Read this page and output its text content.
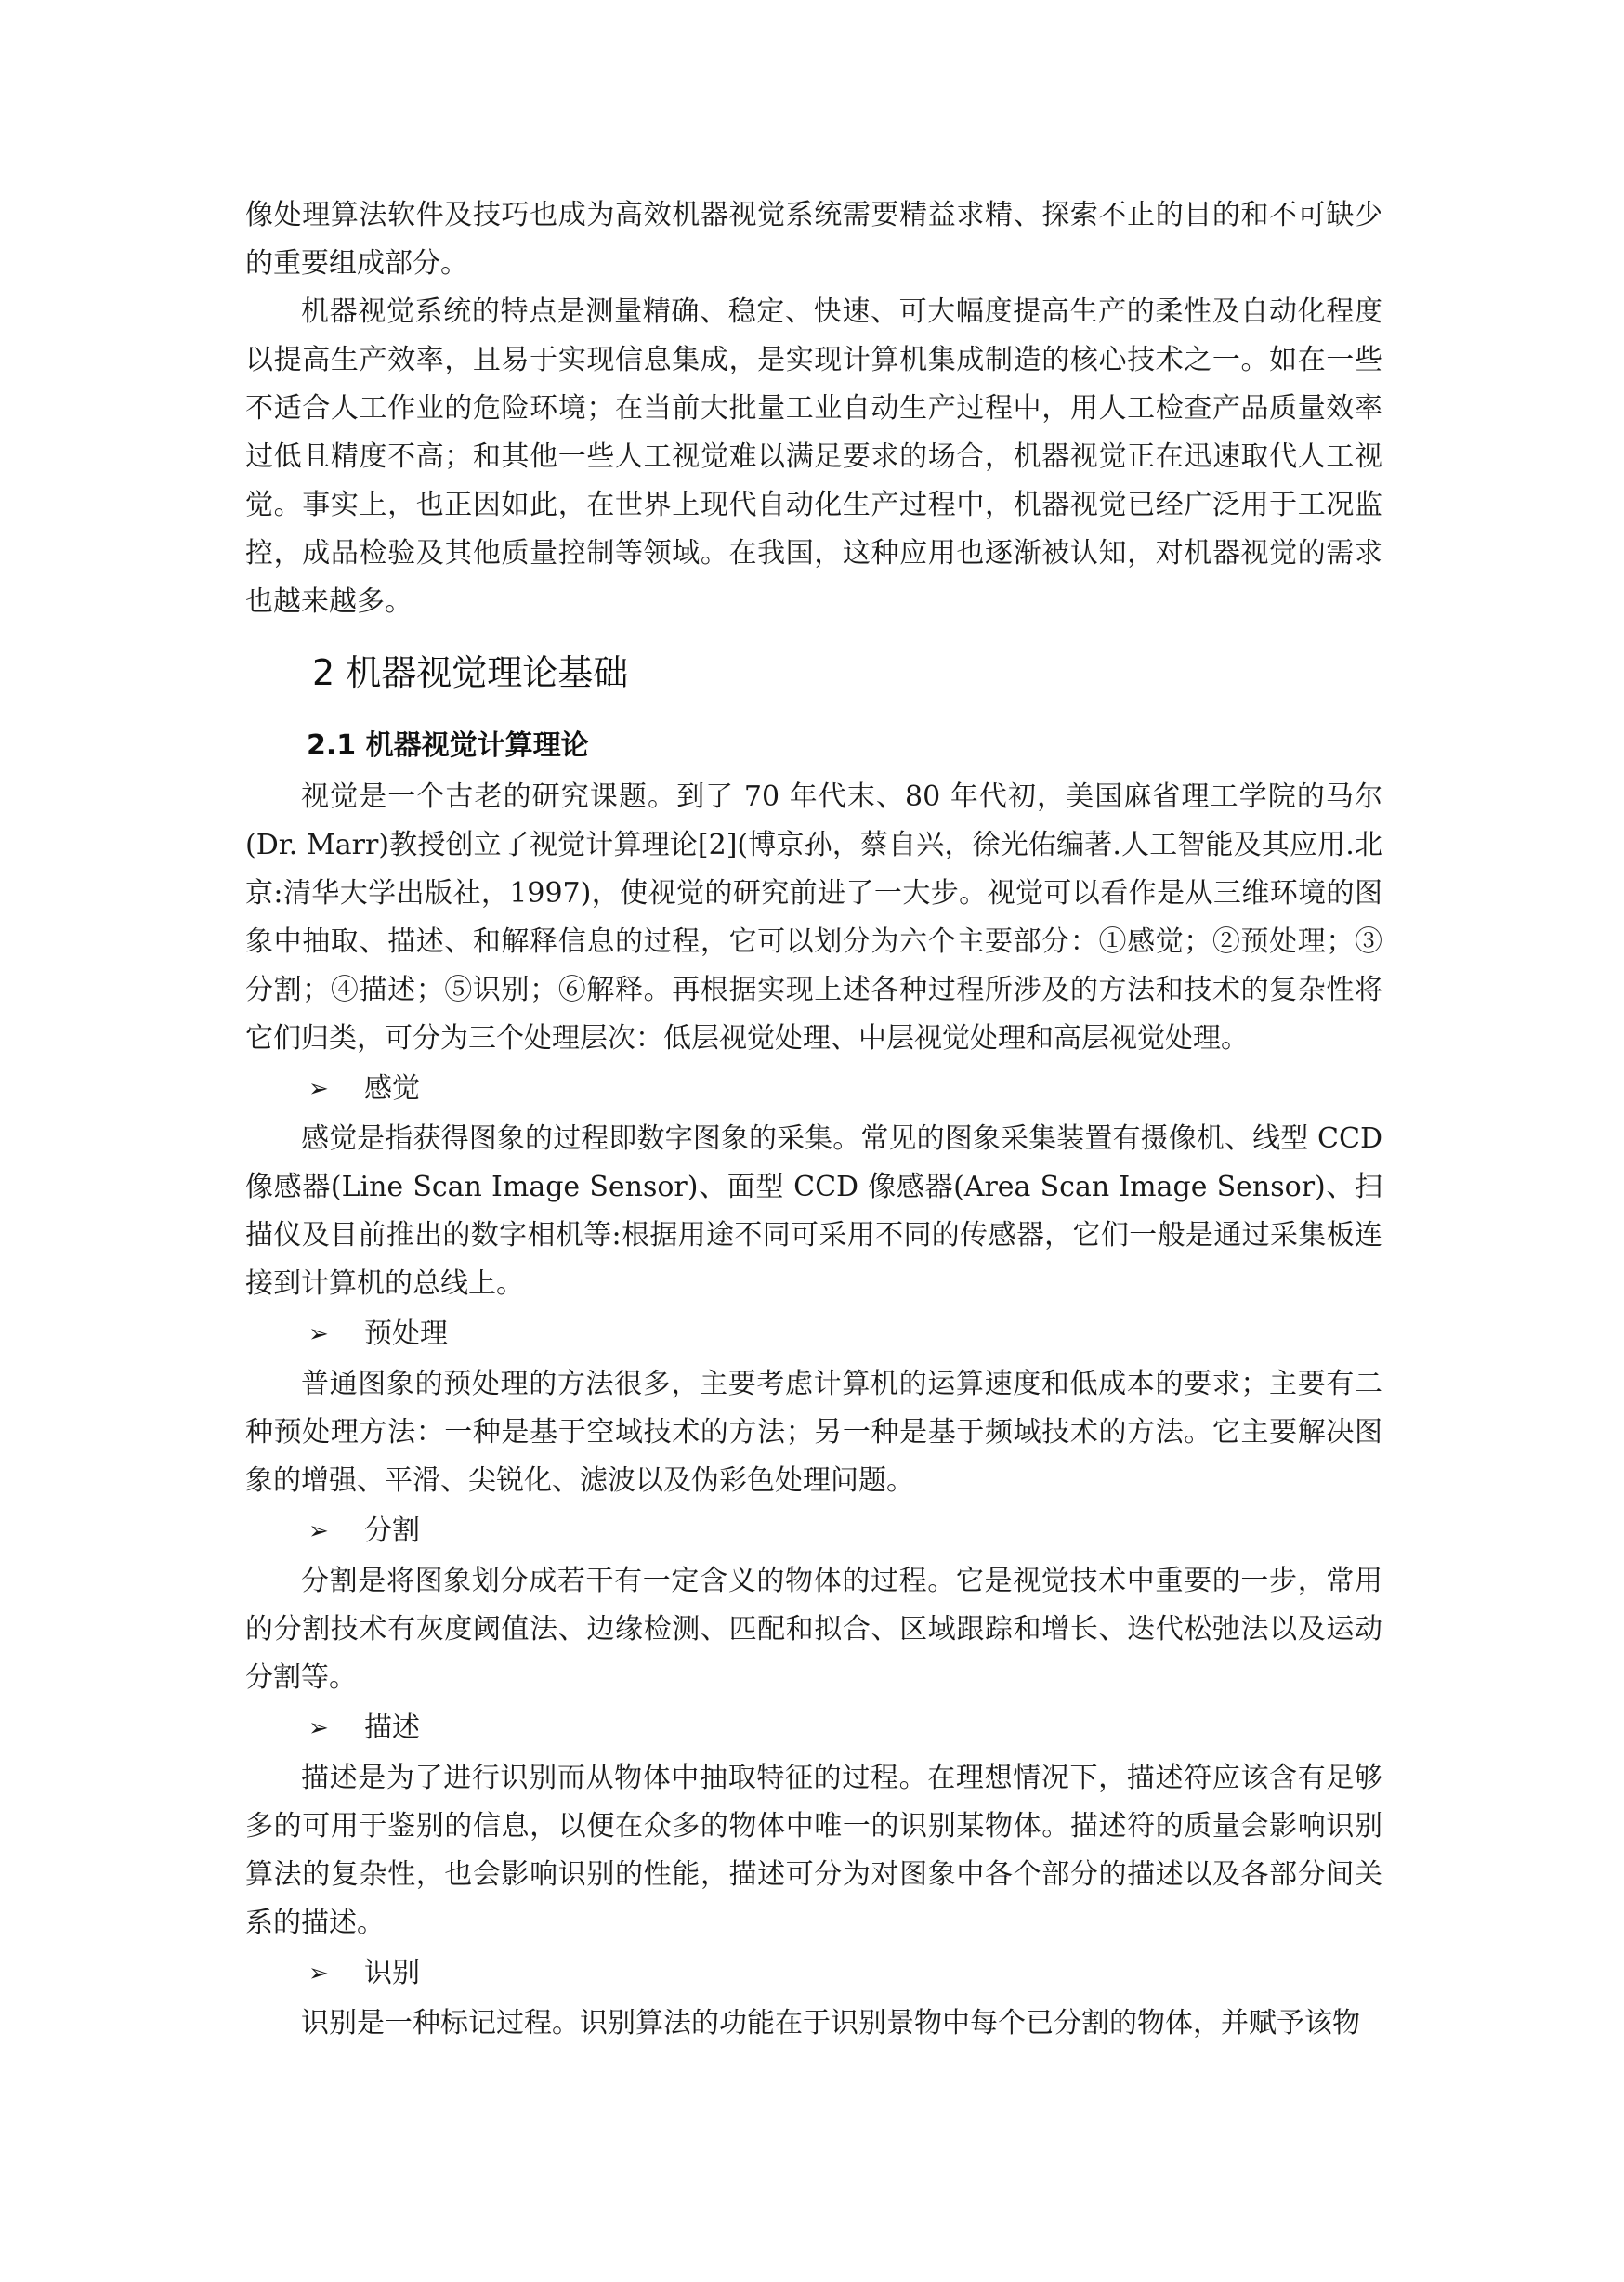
像处理算法软件及技巧也成为高效机器视觉系统需要精益求精、探索不止的目的和不可缺少的重要组成部分。

机器视觉系统的特点是测量精确、稳定、快速、可大幅度提高生产的柔性及自动化程度以提高生产效率，且易于实现信息集成，是实现计算机集成制造的核心技术之一。如在一些不适合人工作业的危险环境；在当前大批量工业自动生产过程中，用人工检查产品质量效率过低且精度不高；和其他一些人工视觉难以满足要求的场合，机器视觉正在迅速取代人工视觉。事实上，也正因如此，在世界上现代自动化生产过程中，机器视觉已经广泛用于工况监控，成品检验及其他质量控制等领域。在我国，这种应用也逐渐被认知，对机器视觉的需求也越来越多。

2 机器视觉理论基础
2.1 机器视觉计算理论

视觉是一个古老的研究课题。到了 70 年代末、80 年代初，美国麻省理工学院的马尔(Dr. Marr)教授创立了视觉计算理论[2](博京孙，蔡自兴，徐光佑编著.人工智能及其应用.北京:清华大学出版社，1997)，使视觉的研究前进了一大步。视觉可以看作是从三维环境的图象中抽取、描述、和解释信息的过程，它可以划分为六个主要部分：①感觉；②预处理；③分割；④描述；⑤识别；⑥解释。再根据实现上述各种过程所涉及的方法和技术的复杂性将它们归类，可分为三个处理层次：低层视觉处理、中层视觉处理和高层视觉处理。

➢	感觉

感觉是指获得图象的过程即数字图象的采集。常见的图象采集装置有摄像机、线型 CCD 像感器(Line Scan Image Sensor)、面型 CCD 像感器(Area Scan Image Sensor)、扫描仪及目前推出的数字相机等:根据用途不同可采用不同的传感器，它们一般是通过采集板连接到计算机的总线上。

➢	预处理

普通图象的预处理的方法很多，主要考虑计算机的运算速度和低成本的要求；主要有二种预处理方法：一种是基于空域技术的方法；另一种是基于频域技术的方法。它主要解决图象的增强、平滑、尖锐化、滤波以及伪彩色处理问题。

➢	分割

分割是将图象划分成若干有一定含义的物体的过程。它是视觉技术中重要的一步，常用的分割技术有灰度阈值法、边缘检测、匹配和拟合、区域跟踪和增长、迭代松弛法以及运动分割等。

➢	描述

描述是为了进行识别而从物体中抽取特征的过程。在理想情况下，描述符应该含有足够多的可用于鉴别的信息，以便在众多的物体中唯一的识别某物体。描述符的质量会影响识别算法的复杂性，也会影响识别的性能，描述可分为对图象中各个部分的描述以及各部分间关系的描述。

➢	识别

识别是一种标记过程。识别算法的功能在于识别景物中每个已分割的物体，并赋予该物
